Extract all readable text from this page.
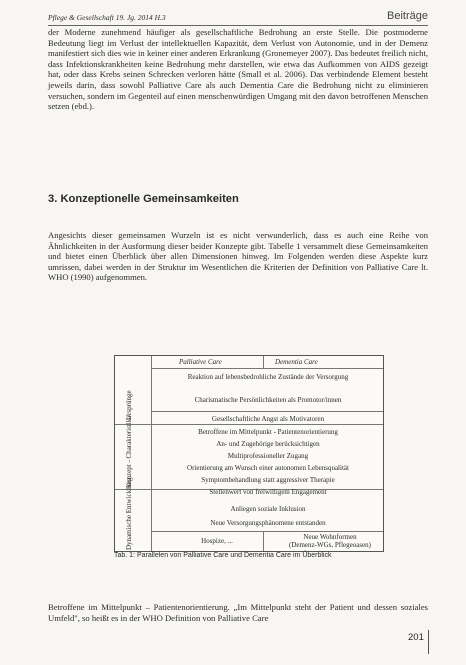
Pflege & Gesellschaft 19. Jg. 2014 H.3	Beiträge
der Moderne zunehmend häufiger als gesellschaftliche Bedrohung an erste Stelle. Die postmoderne Bedeutung liegt im Verlust der intellektuellen Kapazität, dem Verlust von Autonomie, und in der Demenz manifestiert sich dies wie in keiner einer anderen Erkrankung (Gronemeyer 2007). Das bedeutet freilich nicht, dass Infektionskrankheiten keine Bedrohung mehr darstellen, wie etwa das Aufkommen von AIDS gezeigt hat, oder dass Krebs seinen Schrecken verloren hätte (Small et al. 2006). Das verbindende Element besteht jeweils darin, dass sowohl Palliative Care als auch Dementia Care die Bedrohung nicht zu eliminieren versuchen, sondern im Gegenteil auf einen menschenwürdigen Umgang mit den davon betroffenen Menschen setzen (ebd.).
3. Konzeptionelle Gemeinsamkeiten
Angesichts dieser gemeinsamen Wurzeln ist es nicht verwunderlich, dass es auch eine Reihe von Ähnlichkeiten in der Ausformung dieser beider Konzepte gibt. Tabelle 1 versammelt diese Gemeinsamkeiten und bietet einen Überblick über allen Dimensionen hinweg. Im Folgenden werden diese Aspekte kurz umrissen, dabei werden in der Struktur im Wesentlichen die Kriterien der Definition von Palliative Care lt. WHO (1990) aufgenommen.
Palliative Care	Dementia Care
Ursprünge
Konzept - Charakteristika
Dynamische Entwicklung
Reaktion auf lebensbedrohliche Zustände der Versorgung
Charismatische Persönlichkeiten als Promotor/innen
Gesellschaftliche Angst als Motivatoren
Betroffene im Mittelpunkt - Patientenorientierung
An- und Zugehörige berücksichtigen
Multiprofessioneller Zugang
Orientierung am Wunsch einer autonomen Lebensqualität
Symptombehandlung statt aggressiver Therapie
Stellenwert von freiwilligem Engagement
Anliegen soziale Inklusion
Neue Versorgungsphänomene entstanden
Hospize, ...	Neue Wohnformen
(Demenz-WGs, Pflegeoasen)
Tab. 1: Parallelen von Palliative Care und Dementia Care im Überblick
Betroffene im Mittelpunkt – Patientenorientierung. „Im Mittelpunkt steht der Patient und dessen soziales Umfeld", so heißt es in der WHO Definition von Palliative Care
201
